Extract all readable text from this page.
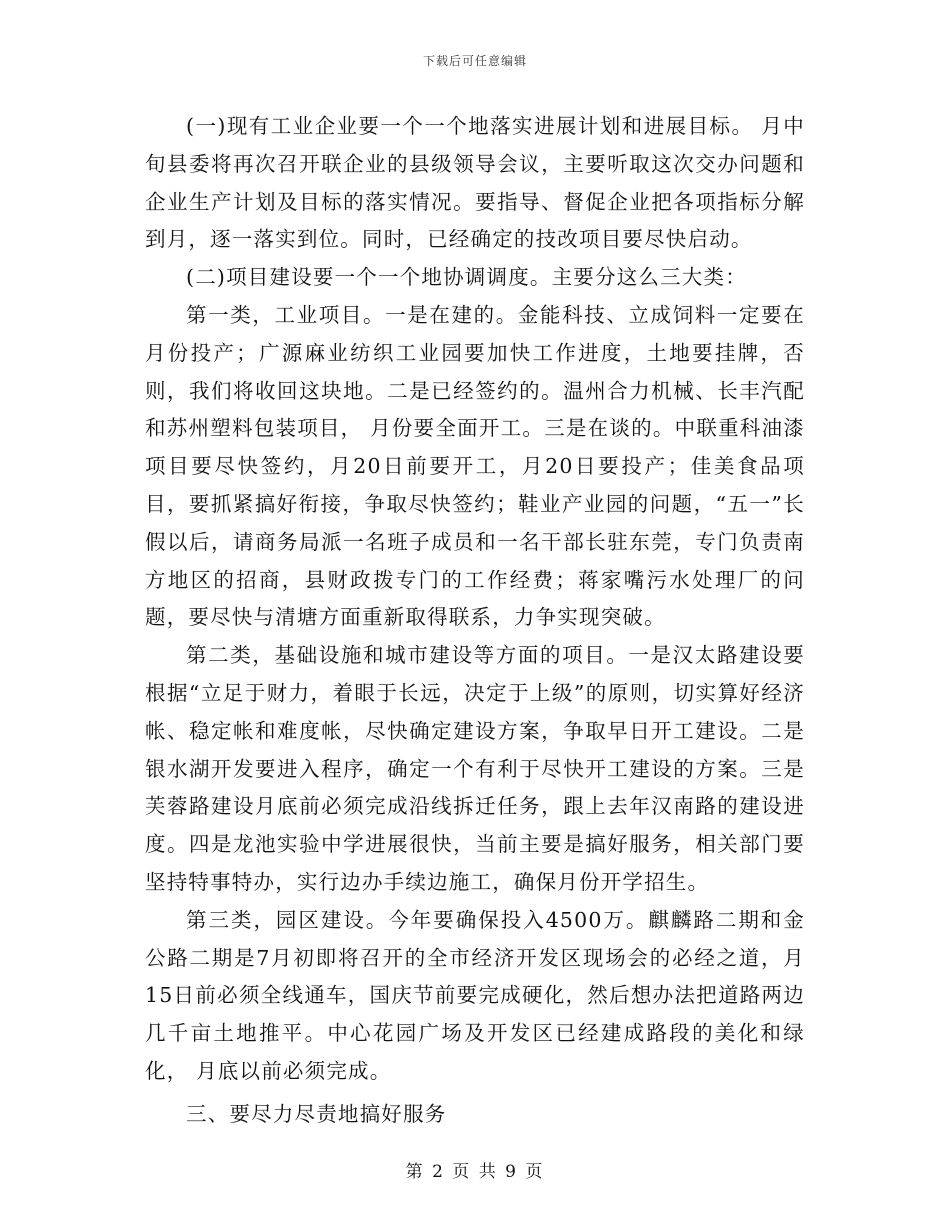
下载后可任意编辑

(一)现有工业企业要一个一个地落实进展计划和进展目标。 月中旬县委将再次召开联企业的县级领导会议，主要听取这次交办问题和企业生产计划及目标的落实情况。要指导、督促企业把各项指标分解到月，逐一落实到位。同时，已经确定的技改项目要尽快启动。

(二)项目建设要一个一个地协调调度。主要分这么三大类：

第一类，工业项目。一是在建的。金能科技、立成饲料一定要在月份投产；广源麻业纺织工业园要加快工作进度，土地要挂牌，否则，我们将收回这块地。二是已经签约的。温州合力机械、长丰汽配和苏州塑料包装项目， 月份要全面开工。三是在谈的。中联重科油漆项目要尽快签约，月20日前要开工，月20日要投产；佳美食品项目，要抓紧搞好衔接，争取尽快签约；鞋业产业园的问题，“五一”长假以后，请商务局派一名班子成员和一名干部长驻东莞，专门负责南方地区的招商，县财政拨专门的工作经费；蒋家嘴污水处理厂的问题，要尽快与清塘方面重新取得联系，力争实现突破。

第二类，基础设施和城市建设等方面的项目。一是汉太路建设要根据“立足于财力，着眼于长远，决定于上级”的原则，切实算好经济帐、稳定帐和难度帐，尽快确定建设方案，争取早日开工建设。二是银水湖开发要进入程序，确定一个有利于尽快开工建设的方案。三是芙蓉路建设月底前必须完成沿线拆迁任务，跟上去年汉南路的建设进度。四是龙池实验中学进展很快，当前主要是搞好服务，相关部门要坚持特事特办，实行边办手续边施工，确保月份开学招生。

第三类，园区建设。今年要确保投入4500万。麒麟路二期和金公路二期是7月初即将召开的全市经济开发区现场会的必经之道，月15日前必须全线通车，国庆节前要完成硬化，然后想办法把道路两边几千亩土地推平。中心花园广场及开发区已经建成路段的美化和绿化， 月底以前必须完成。

三、要尽力尽责地搞好服务

第 2 页 共 9 页
